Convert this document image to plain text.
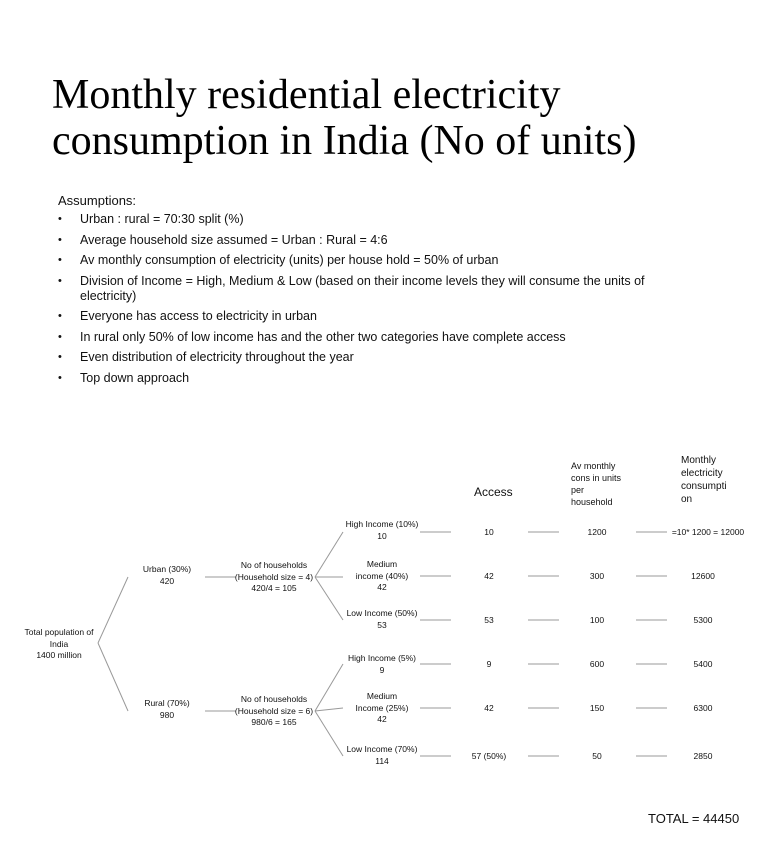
Monthly residential electricity consumption in India (No of units)
Assumptions:
• Urban : rural = 70:30 split (%)
• Average household size assumed = Urban : Rural = 4:6
• Av monthly consumption of electricity (units) per house hold = 50% of urban
• Division of Income = High, Medium & Low (based on their income levels they will consume the units of electricity)
• Everyone has access to electricity in urban
• In rural only 50% of low income has and the other two categories have complete access
• Even distribution of electricity throughout the year
• Top down approach
Total population of India
1400 million
Urban (30%)
420
Rural (70%)
980
No of households (Household size = 4)
420/4 = 105
No of households (Household size = 6)
980/6 = 165
High Income (10%)
10
Medium income (40%)
42
Low Income (50%)
53
High Income (5%)
9
Medium Income (25%)
42
Low Income (70%)
114
Access
Av monthly cons in units per household
Monthly electricity consumpti on
10
42
53
9
42
57 (50%)
1200
300
100
600
150
50
=10* 1200 = 12000
12600
5300
5400
6300
2850
TOTAL = 44450
